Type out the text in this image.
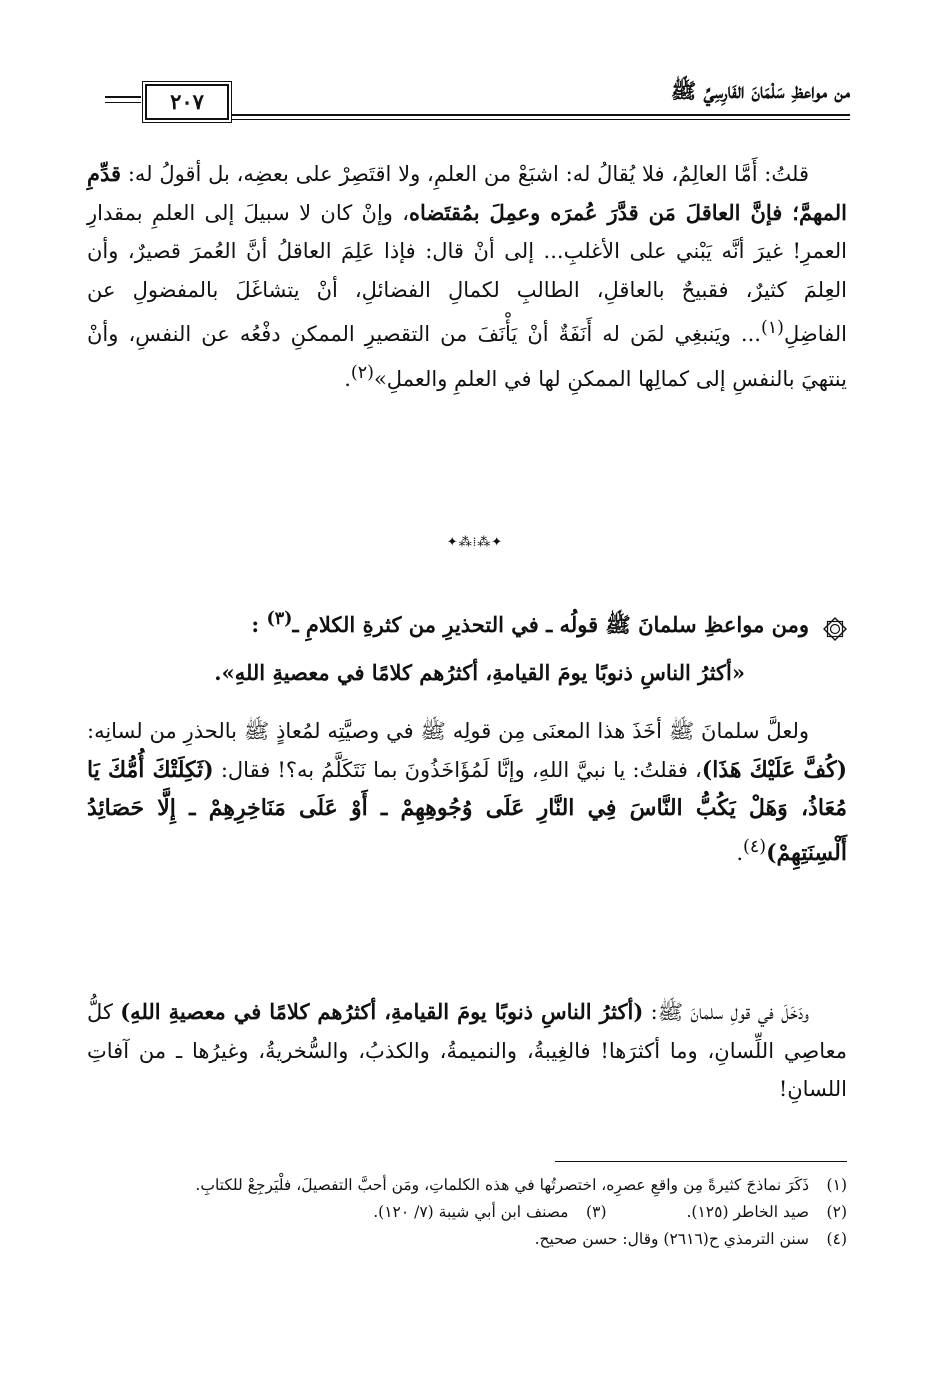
من مواعظِ سَلْمَانَ الفَارِسِيِّ ﷺ
٢٠٧
قلتُ: أَمَّا العالِمُ، فلا يُقالُ له: اشبَعْ من العلمِ، ولا اقتَصِرْ على بعضِه، بل أقولُ له: قدِّمِ المهمَّ؛ فإنَّ العاقلَ مَن قدَّرَ عُمرَه وعمِلَ بمُقتَضاه، وإنْ كان لا سبيلَ إلى العلمِ بمقدارِ العمرِ! غيرَ أنَّه يَبْني على الأغلبِ... إلى أنْ قال: فإذا عَلِمَ العاقلُ أنَّ العُمرَ قصيرٌ، وأن العِلمَ كثيرٌ، فقبيحٌ بالعاقلِ، الطالبِ لكمالِ الفضائلِ، أنْ يتشاغَلَ بالمفضولِ عن الفاضِلِ$^{(١)}$... ويَنبغِي لمَن له أَنَفَةٌ أنْ يَأْنَفَ من التقصيرِ الممكنِ دفْعُه عن النفسِ، وأنْ ينتهيَ بالنفسِ إلى كمالِها الممكنِ لها في العلمِ والعملِ»$^{(٢)}$.
✦⁂⁞⁂✦
ومن مواعظِ سلمانَ ﷺ قولُه ـ في التحذيرِ من كثرةِ الكلامِ ـ$^{(٣)}$ :
«أكثرُ الناسِ ذنوبًا يومَ القيامةِ، أكثرُهم كلامًا في معصيةِ اللهِ».
ولعلَّ سلمانَ ﷺ أخَذَ هذا المعنَى مِن قولِه ﷺ في وصيَّتِه لمُعاذٍ ﷺ بالحذرِ من لسانِه: (كُفَّ عَلَيْكَ هَذَا)، فقلتُ: يا نبيَّ اللهِ، وإنَّا لَمُؤَاخَذُونَ بما نَتَكَلَّمُ به؟! فقال: (ثَكِلَتْكَ أُمُّكَ يَا مُعَاذُ، وَهَلْ يَكُبُّ النَّاسَ فِي النَّارِ عَلَى وُجُوهِهِمْ ـ أَوْ عَلَى مَنَاخِرِهِمْ ـ إِلَّا حَصَائِدُ أَلْسِنَتِهِمْ)$^{(٤)}$.
ودَخَلَ في قولِ سلمانَ ﷺ: (أكثرُ الناسِ ذنوبًا يومَ القيامةِ، أكثرُهم كلامًا في معصيةِ اللهِ) كلُّ معاصِي اللِّسانِ، وما أكثرَها! فالغِيبةُ، والنميمةُ، والكذبُ، والسُّخريةُ، وغيرُها ـ من آفاتِ اللسانِ!
(١)ذَكَرَ نماذجَ كثيرةً مِن واقعِ عصرِه، اختصرتُها في هذه الكلماتِ، ومَن أحبَّ التفصيلَ، فلْيَرجِعْ للكتابِ.
(٢)صيد الخاطر (١٢٥).
(٣)مصنف ابن أبي شيبة (٧/ ١٢٠).
(٤)سنن الترمذي ح(٢٦١٦) وقال: حسن صحيح.
